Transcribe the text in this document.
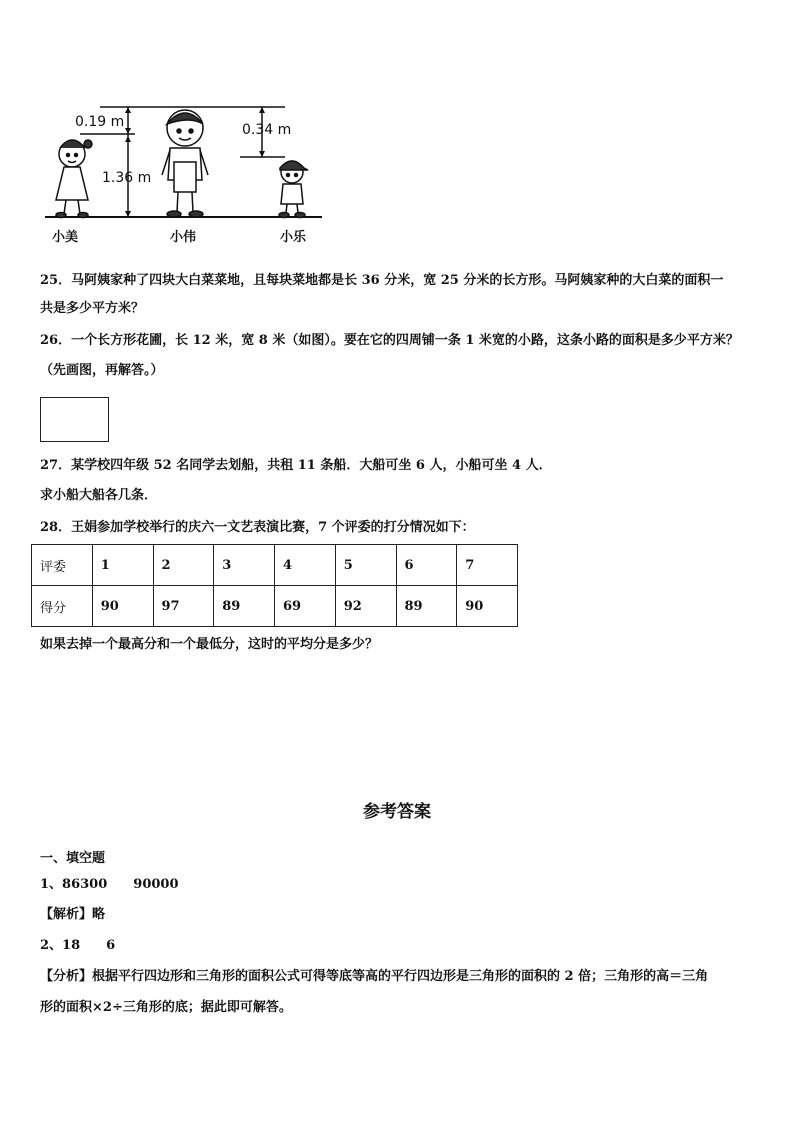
0.19 m
1.36 m
0.34 m
小美	小伟	小乐
25．马阿姨家种了四块大白菜菜地，且每块菜地都是长 36 分米，宽 25 分米的长方形。马阿姨家种的大白菜的面积一
共是多少平方米？
26．一个长方形花圃，长 12 米，宽 8 米（如图）。要在它的四周铺一条 1 米宽的小路，这条小路的面积是多少平方米？
（先画图，再解答。）
27．某学校四年级 52 名同学去划船，共租 11 条船．大船可坐 6 人，小船可坐 4 人．
求小船大船各几条．
28．王娟参加学校举行的庆六一文艺表演比赛，7 个评委的打分情况如下：
评委	1	2	3	4	5	6	7
得分	90	97	89	69	92	89	90
如果去掉一个最高分和一个最低分，这时的平均分是多少？
参考答案
一、填空题
1、86300　　90000
【解析】略
2、18　　6
【分析】根据平行四边形和三角形的面积公式可得等底等高的平行四边形是三角形的面积的 2 倍；三角形的高＝三角
形的面积×2÷三角形的底；据此即可解答。
